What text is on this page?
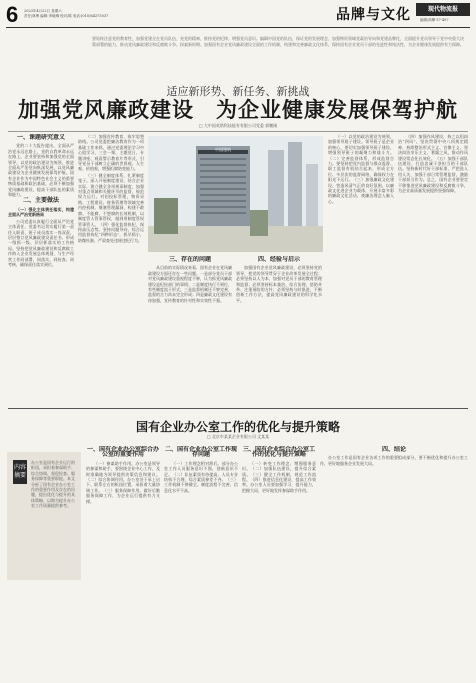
6 2023年4月22日 星期六
责任/林博 编辑:李晓琳 校对/陈 电话:(010)64375037	品牌与文化	现代物流报
编辑/高攀 57-497
要始终注意党的教育性，加强党建全在党员队伍，充党的精神，推持党的纪律，增强党员意识。编辑中国党的队伍，保证党的发展理念，加强物资领域党政治导向和党建品牌化，全面提升党员领导于党中央重大决策部署的能力，推动党风廉政建设和反腐败斗争。探索新时期、加强国有企业党风廉政建设全面的工作机制，构建和完善廉政文化体系，保持国有企业党员干部的先进性和纯洁性，为企业健康发展提供有力保障。
适应新形势、新任务、新挑战
加强党风廉政建设　为企业健康发展保驾护航
□ 大中国英塔科技能有有限公司党委 郭鹏刚
一、课题研究意义

党的二十大报告提出，全面从严治党永远在路上，党的自我革命永远在路上。企业要坚持和加强党的全面领导，以党的政治建设为统领，推进全面从严治党向纵深发展，以党风廉政建设为企业健康发展保驾护航。国有企业作为中国特色社会主义的重要物质基础和政治基础，必须不断加强党风廉政建设，提高干部队伍的素质和能力。

二、主要做法

（一）强化主体责任落实，构建全面从严治党新格局

公司党委认真履行全面从严治党主体责任，党委书记切实履行第一责任人职责，班子成员落实一岗双责，层层签订党风廉政建设责任书，形成一级抓一级、层层抓落实的工作格局。坚持把党风廉政建设和反腐败工作纳入企业发展总体规划，与生产经营工作同部署、同落实、同检查、同考核，确保责任落实到位。

（二）加强宣传教育，筑牢思想防线。公司党委把廉洁教育作为一项基础工作来抓，通过党委理论学习中心组学习、三会一课、主题党日、专题讲座、观看警示教育片等形式，引导党员干部树立正确的世界观、人生观、价值观，增强拒腐防变能力。

（三）健全制度体系，扎紧制度笼子。深入开展制度建设，结合企业实际，建立健全各项规章制度，加强对重点领域和关键环节的监督，规范权力运行。对招投标管理、物资采购、工程建设、财务管理等领域完善内控机制，堵塞管理漏洞，构建不敢腐、不能腐、不想腐的长效机制，以制度管人管事管权，做到用制度管权管事管人。（四）强化监督执纪，保持高压态势。坚持问题导向，综合运用监督执纪“四种形态”，抓早抓小，防微杜渐，严肃查处违规违纪行为。

中国建筑
三、存在的问题

从目前的实际情况来看，国有企业在党风廉政建设方面还存在一些问题。一是部分党员干部对党风廉政建设重视程度不够，认为抓党风廉政建设是纪检部门的事情；二是制度执行不到位，有些制度流于形式；三是监督机制还不够完善，监督的合力尚未完全形成；四是廉政文化建设有待加强，宣传教育的针对性和实效性不强。

四、经验与启示

加强国有企业党风廉政建设，必须坚持党的领导，把党的领导贯穿于企业改革发展全过程；必须坚持以人为本，加强对党员干部的教育管理和监督；必须坚持标本兼治、综合治理、惩防并举、注重预防的方针；必须坚持与时俱进，不断创新工作方法，提高党风廉政建设的科学化水平。

（一）以党的政治建设为统领，加强领导班子建设。领导班子是企业的核心，要切实加强领导班子建设，增强领导班子的凝聚力和战斗力。（二）完善监督体系，形成监督合力。要坚持把党内监督与群众监督、职工监督有机结合起来，形成全方位、多层次的监督网络，确保权力在阳光下运行。（三）加强廉政文化建设，营造风清气正的良好氛围。以廉政文化进企业为载体，开展丰富多彩的廉政文化活动，使廉洁理念入脑入心。

（四）加强作风建设，持之以恒纠治“四风”。坚决贯彻中央八项规定精神，持续整治形式主义、官僚主义，坚决纠治享乐主义、奢靡之风，推动作风建设常态化长效化。（五）加强干部队伍建设，打造忠诚干净担当的干部队伍。坚持新时代好干部标准，严把选人用人关，加强干部日常管理监督，激励干部担当作为。总之，国有企业要坚定不移推进党风廉政建设和反腐败斗争，为企业高质量发展提供坚强保障。

国有企业办公室工作的优化与提升策略
□ 北京市某某企业有限公司 文某某
内容摘要
办公室是国有企业运行的枢纽，承担着参谋助手、综合协调、督促检查、服务保障等重要职能。本文分析了国有企业办公室工作的重要作用及存在的问题，提出优化与提升的具体策略，以期为提升办公室工作质量提供参考。
一、国有企业办公室综合办公室的重要作用

（一）参谋助手作用。办公室是领导的参谋和助手，要围绕企业中心工作，及时准确地为领导提供决策信息和建议。（二）综合协调作用。办公室处于承上启下、联系左右的枢纽位置，承担着大量协调工作。（三）服务保障作用。做好后勤服务保障工作，为企业运行提供有力支撑。

二、国有企业办公室工作现存问题

（一）工作理念相对滞后。部分办公室工作人员服务意识不强，创新意识不足。（二）队伍素质有待提高。人员专业结构不合理，综合素质参差不齐。（三）工作机制不够健全。制度流程不完善，信息化水平不高。

三、国有企业综合办公室工作的优化与提升策略

（一）转变工作理念，增强服务意识。（二）加强队伍建设，提升综合素质。（三）健全工作机制，规范工作流程。（四）推进信息化建设，提高工作效率。办公室人员要加强学习，提升能力，把握大局，更好地发挥参谋助手作用。

四、结论

办公室工作是国有企业各项工作的重要组成部分，要不断优化和提升办公室工作，更好地服务企业发展大局。
